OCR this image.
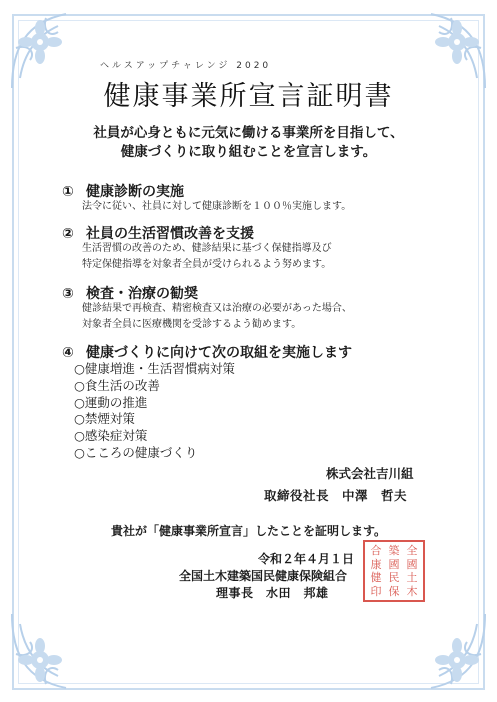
ヘルスアップチャレンジ 2020
健康事業所宣言証明書
社員が心身ともに元気に働ける事業所を目指して、
健康づくりに取り組むことを宣言します。
① 健康診断の実施
法令に従い、社員に対して健康診断を１００％実施します。
② 社員の生活習慣改善を支援
生活習慣の改善のため、健診結果に基づく保健指導及び
特定保健指導を対象者全員が受けられるよう努めます。
③ 検査・治療の勧奨
健診結果で再検査、精密検査又は治療の必要があった場合、
対象者全員に医療機関を受診するよう勧めます。
④ 健康づくりに向けて次の取組を実施します
○健康増進・生活習慣病対策
○食生活の改善
○運動の推進
○禁煙対策
○感染症対策
○こころの健康づくり
株式会社吉川組
取締役社長　中澤　哲夫
貴社が「健康事業所宣言」したことを証明します。
令和２年４月１日
全国土木建築国民健康保険組合
理事長　水田　邦雄
合 築 全
康 國 國
健 民 土
印 保 木
